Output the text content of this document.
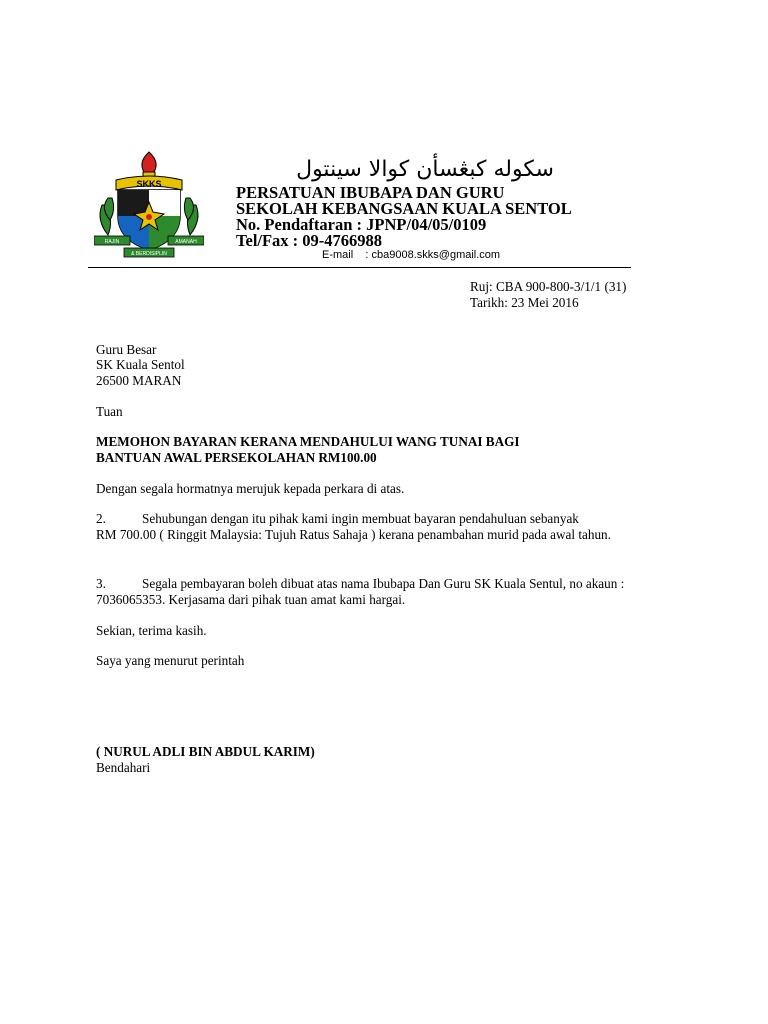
SKKS
RAJIN	AMANAH
& BERDISIPLIN
سكوله كبڠسأن كوالا سينتول
PERSATUAN IBUBAPA DAN GURU
SEKOLAH KEBANGSAAN KUALA SENTOL
No. Pendaftaran : JPNP/04/05/0109
Tel/Fax : 09-4766988
E-mail : cba9008.skks@gmail.com
Ruj: CBA 900-800-3/1/1 (31)
Tarikh: 23 Mei 2016
Guru Besar
SK Kuala Sentol
26500 MARAN
Tuan
MEMOHON BAYARAN KERANA MENDAHULUI WANG TUNAI BAGI
BANTUAN AWAL PERSEKOLAHAN RM100.00
Dengan segala hormatnya merujuk kepada perkara di atas.
2.	Sehubungan dengan itu pihak kami ingin membuat bayaran pendahuluan sebanyak
RM 700.00 ( Ringgit Malaysia: Tujuh Ratus Sahaja ) kerana penambahan murid pada awal tahun.
3.	Segala pembayaran boleh dibuat atas nama Ibubapa Dan Guru SK Kuala Sentul, no akaun :
7036065353. Kerjasama dari pihak tuan amat kami hargai.
Sekian, terima kasih.
Saya yang menurut perintah
( NURUL ADLI BIN ABDUL KARIM)
Bendahari
